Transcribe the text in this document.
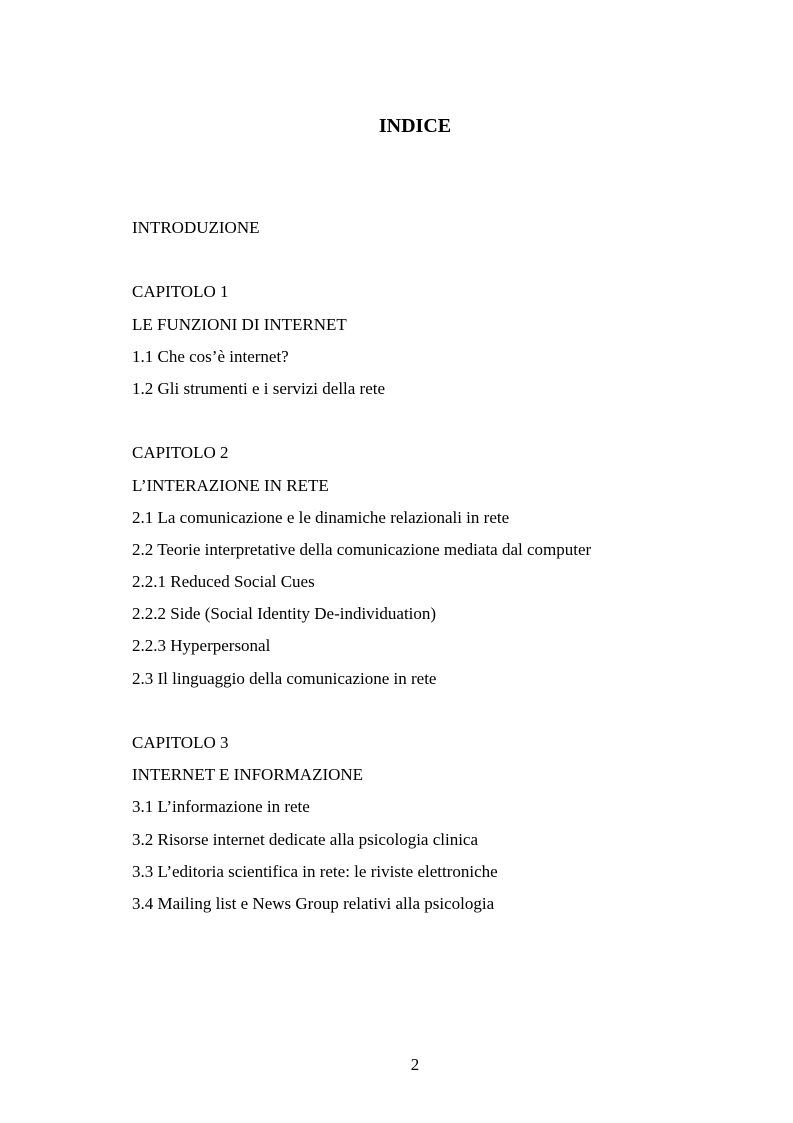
INDICE
INTRODUZIONE
CAPITOLO 1
LE FUNZIONI DI INTERNET
1.1 Che cos’è internet?
1.2 Gli strumenti e i servizi della rete
CAPITOLO 2
L’INTERAZIONE IN RETE
2.1 La comunicazione e le dinamiche relazionali in rete
2.2 Teorie interpretative della comunicazione mediata dal computer
2.2.1 Reduced Social Cues
2.2.2 Side (Social Identity De-individuation)
2.2.3 Hyperpersonal
2.3 Il linguaggio della comunicazione in rete
CAPITOLO 3
INTERNET E INFORMAZIONE
3.1 L’informazione in rete
3.2 Risorse internet dedicate alla psicologia clinica
3.3 L’editoria scientifica in rete: le riviste elettroniche
3.4 Mailing list e News Group relativi alla psicologia
2
